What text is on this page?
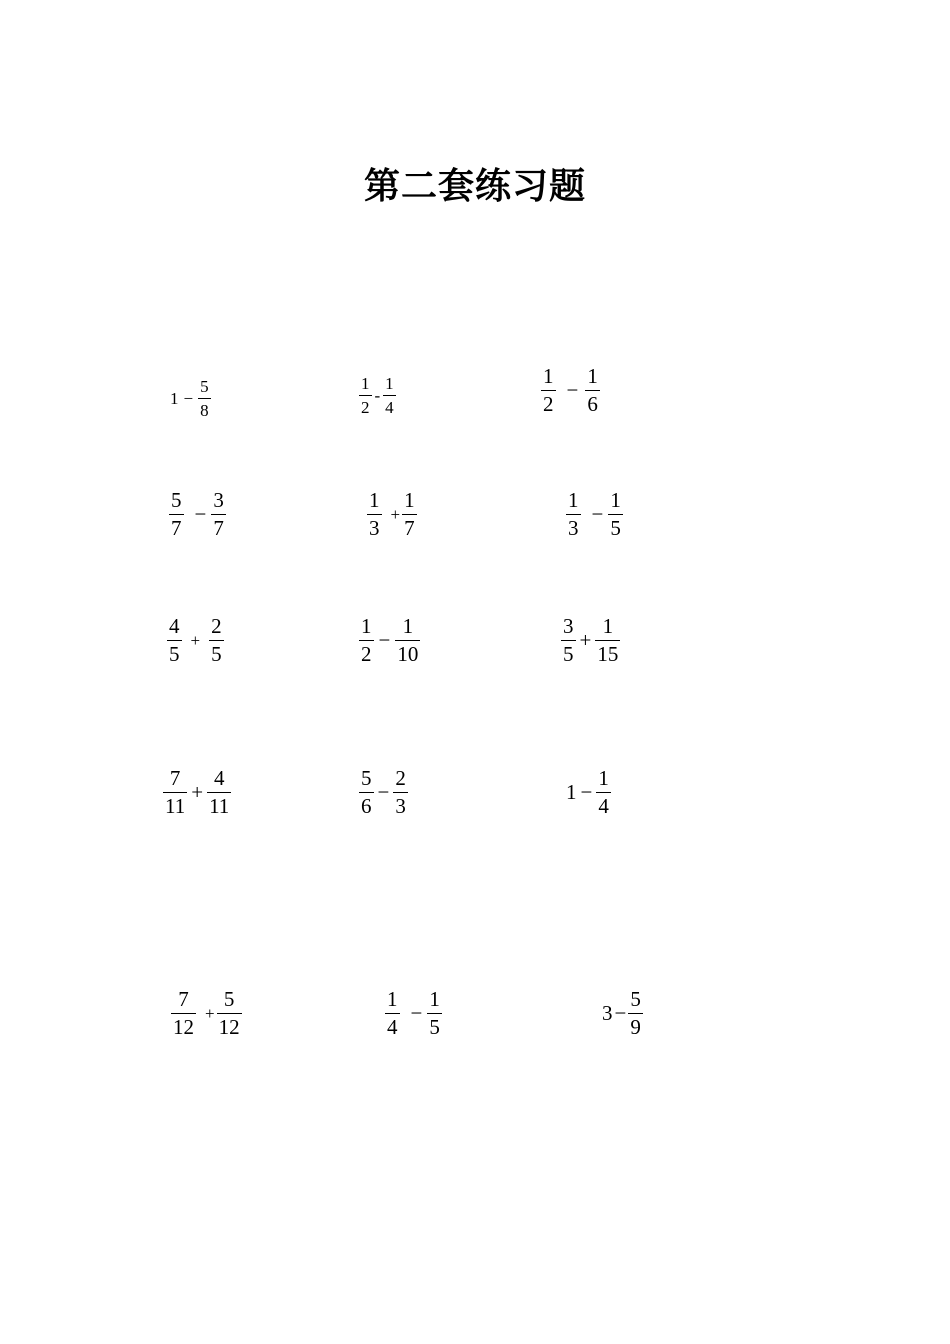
第二套练习题
$1 - \frac{5}{8}$	$\frac{1}{2} - \frac{1}{4}$	$\frac{1}{2} - \frac{1}{6}$
$\frac{5}{7} - \frac{3}{7}$	$\frac{1}{3} + \frac{1}{7}$	$\frac{1}{3} - \frac{1}{5}$
$\frac{4}{5} + \frac{2}{5}$	$\frac{1}{2} - \frac{1}{10}$	$\frac{3}{5} + \frac{1}{15}$
$\frac{7}{11} + \frac{4}{11}$	$\frac{5}{6} - \frac{2}{3}$	$1 - \frac{1}{4}$
$\frac{7}{12} + \frac{5}{12}$	$\frac{1}{4} - \frac{1}{5}$	$3 - \frac{5}{9}$
